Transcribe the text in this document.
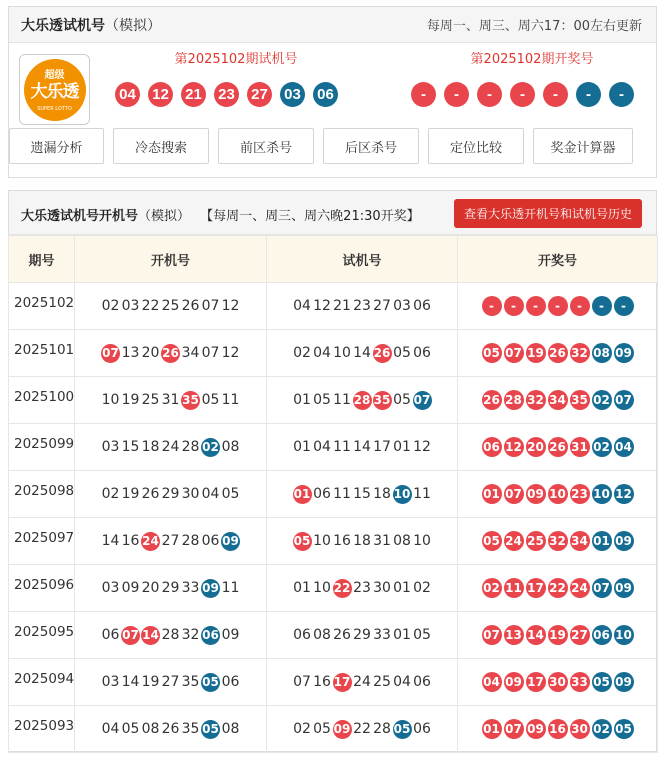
大乐透试机号（模拟）	每周一、周三、周六17：00左右更新
超级
大乐透
SUPER LOTTO
第2025102期试机号	第2025102期开奖号
04 12 21 23 27 03 06	-	-	-	-	-	-	-
遗漏分析	冷态搜索	前区杀号	后区杀号	定位比较	奖金计算器
大乐透试机号开机号（模拟） 【每周一、周三、周六晚21:30开奖】	查看大乐透开机号和试机号历史
期号	开机号	试机号	开奖号
2025102	02 03 22 25 26 07 12	04 12 21 23 27 03 06	- - - - - - -
2025101	07 13 20 26 34 07 12	02 04 10 14 26 05 06	05 07 19 26 32 08 09
2025100	10 19 25 31 35 05 11	01 05 11 28 35 05 07	26 28 32 34 35 02 07
2025099	03 15 18 24 28 02 08	01 04 11 14 17 01 12	06 12 20 26 31 02 04
2025098	02 19 26 29 30 04 05	01 06 11 15 18 10 11	01 07 09 10 23 10 12
2025097	14 16 24 27 28 06 09	05 10 16 18 31 08 10	05 24 25 32 34 01 09
2025096	03 09 20 29 33 09 11	01 10 22 23 30 01 02	02 11 17 22 24 07 09
2025095	06 07 14 28 32 06 09	06 08 26 29 33 01 05	07 13 14 19 27 06 10
2025094	03 14 19 27 35 05 06	07 16 17 24 25 04 06	04 09 17 30 33 05 09
2025093	04 05 08 26 35 05 08	02 05 09 22 28 05 06	01 07 09 16 30 02 05
